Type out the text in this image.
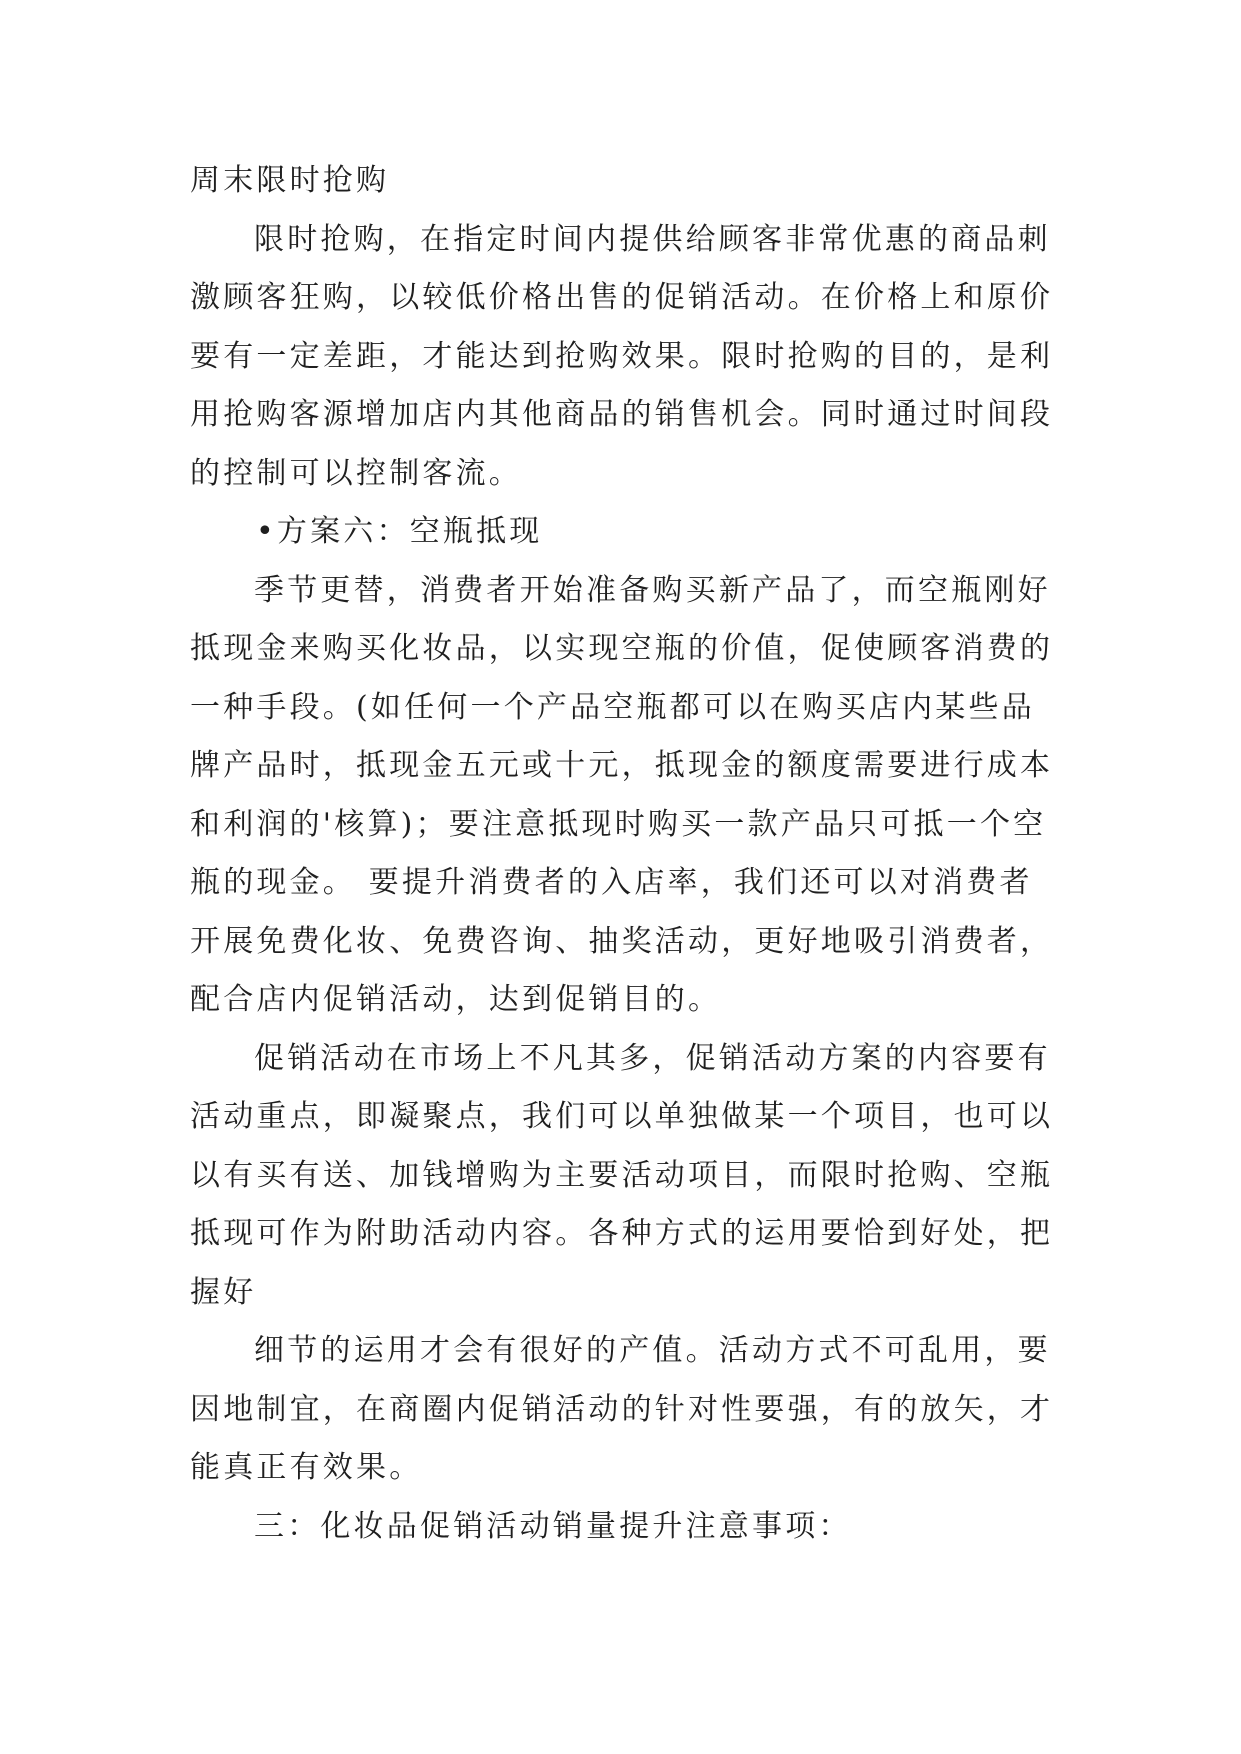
周末限时抢购
限时抢购，在指定时间内提供给顾客非常优惠的商品刺
激顾客狂购，以较低价格出售的促销活动。在价格上和原价
要有一定差距，才能达到抢购效果。限时抢购的目的，是利
用抢购客源增加店内其他商品的销售机会。同时通过时间段
的控制可以控制客流。
•方案六：空瓶抵现
季节更替，消费者开始准备购买新产品了，而空瓶刚好
抵现金来购买化妆品，以实现空瓶的价值，促使顾客消费的
一种手段。(如任何一个产品空瓶都可以在购买店内某些品
牌产品时，抵现金五元或十元，抵现金的额度需要进行成本
和利润的'核算)；要注意抵现时购买一款产品只可抵一个空
瓶的现金。 要提升消费者的入店率，我们还可以对消费者
开展免费化妆、免费咨询、抽奖活动，更好地吸引消费者，
配合店内促销活动，达到促销目的。
促销活动在市场上不凡其多，促销活动方案的内容要有
活动重点，即凝聚点，我们可以单独做某一个项目，也可以
以有买有送、加钱增购为主要活动项目，而限时抢购、空瓶
抵现可作为附助活动内容。各种方式的运用要恰到好处，把
握好
细节的运用才会有很好的产值。活动方式不可乱用，要
因地制宜，在商圈内促销活动的针对性要强，有的放矢，才
能真正有效果。
三：化妆品促销活动销量提升注意事项：
